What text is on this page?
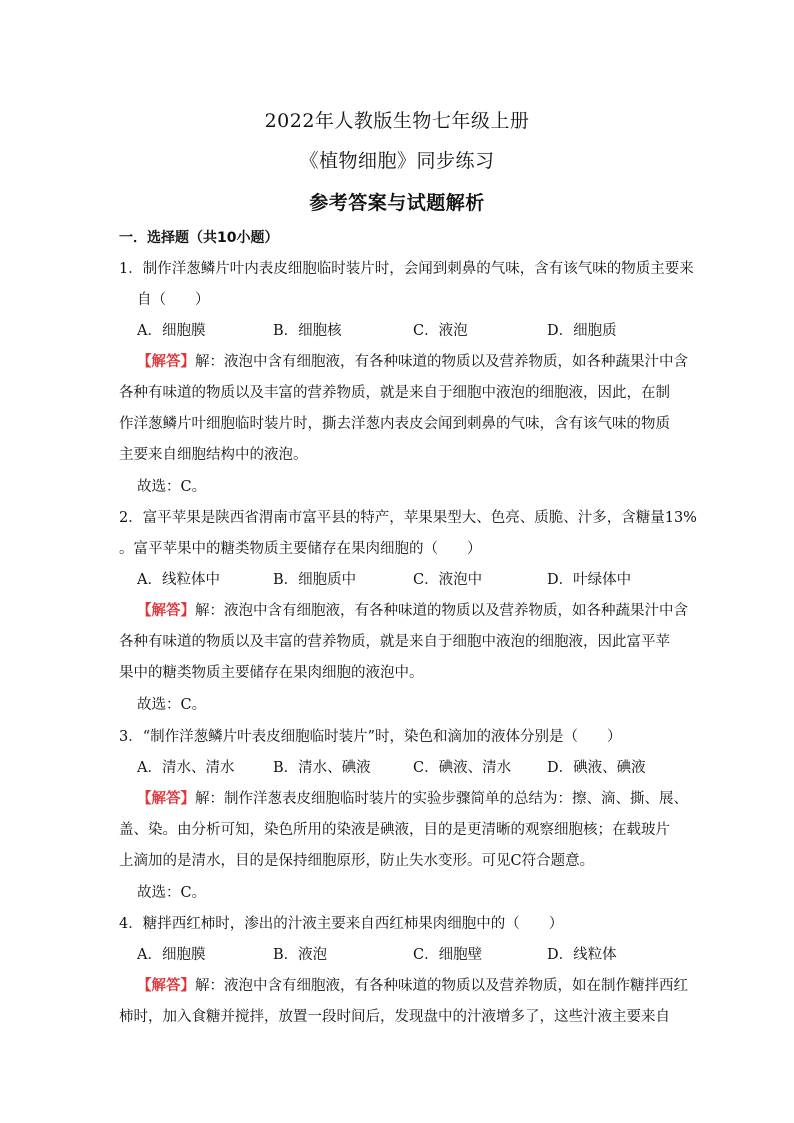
2022年人教版生物七年级上册
《植物细胞》同步练习
参考答案与试题解析
一．选择题（共10小题）
1．制作洋葱鳞片叶内表皮细胞临时装片时，会闻到刺鼻的气味，含有该气味的物质主要来
自（　　）
A．细胞膜	B．细胞核	C．液泡	D．细胞质
【解答】解：液泡中含有细胞液，有各种味道的物质以及营养物质，如各种蔬果汁中含
各种有味道的物质以及丰富的营养物质，就是来自于细胞中液泡的细胞液，因此，在制
作洋葱鳞片叶细胞临时装片时，撕去洋葱内表皮会闻到刺鼻的气味，含有该气味的物质
主要来自细胞结构中的液泡。
故选：C。
2．富平苹果是陕西省渭南市富平县的特产，苹果果型大、色亮、质脆、汁多，含糖量13%
。富平苹果中的糖类物质主要储存在果肉细胞的（　　）
A．线粒体中	B．细胞质中	C．液泡中	D．叶绿体中
【解答】解：液泡中含有细胞液，有各种味道的物质以及营养物质，如各种蔬果汁中含
各种有味道的物质以及丰富的营养物质，就是来自于细胞中液泡的细胞液，因此富平苹
果中的糖类物质主要储存在果肉细胞的液泡中。
故选：C。
3．“制作洋葱鳞片叶表皮细胞临时装片”时，染色和滴加的液体分别是（　　）
A．清水、清水	B．清水、碘液	C．碘液、清水 D．碘液、碘液
【解答】解：制作洋葱表皮细胞临时装片的实验步骤简单的总结为：擦、滴、撕、展、
盖、染。由分析可知，染色所用的染液是碘液，目的是更清晰的观察细胞核；在载玻片
上滴加的是清水，目的是保持细胞原形，防止失水变形。可见C符合题意。
故选：C。
4．糖拌西红柿时，渗出的汁液主要来自西红柿果肉细胞中的（　　）
A．细胞膜	B．液泡	C．细胞壁	D．线粒体
【解答】解：液泡中含有细胞液，有各种味道的物质以及营养物质，如在制作糖拌西红
柿时，加入食糖并搅拌，放置一段时间后，发现盘中的汁液增多了，这些汁液主要来自
